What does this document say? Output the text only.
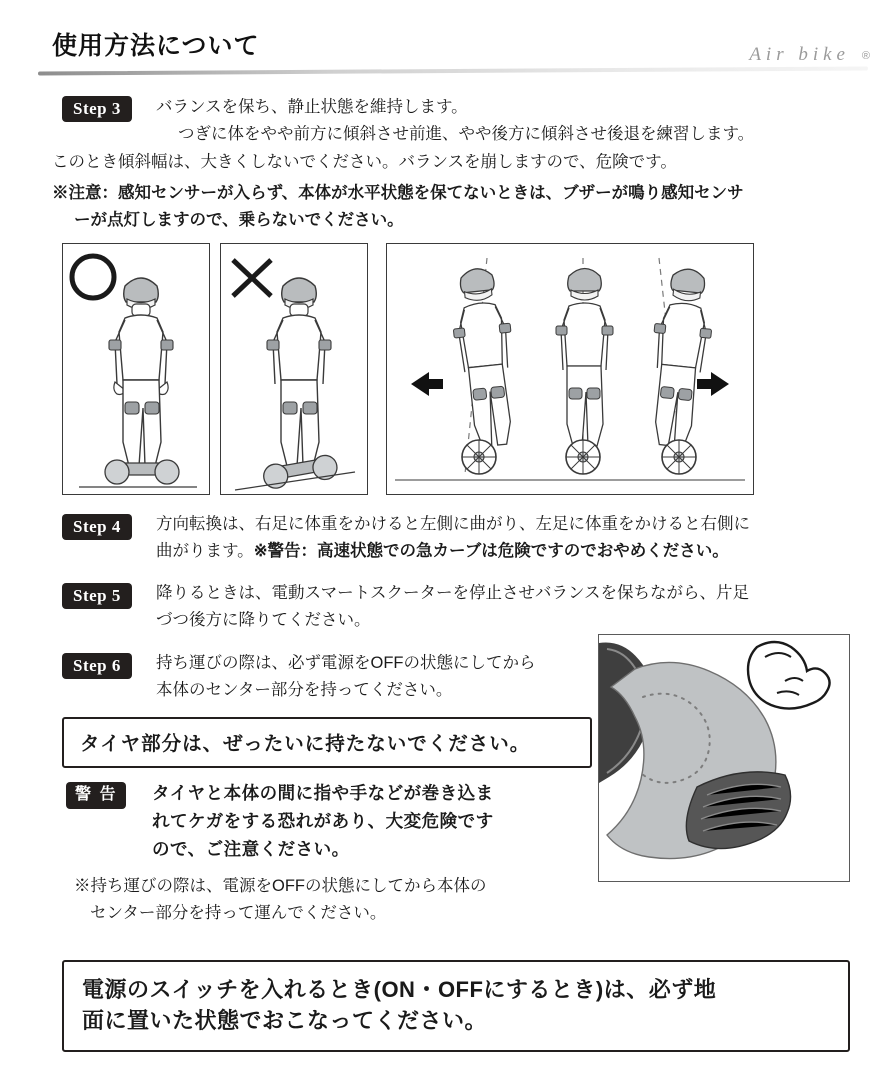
使用方法について	Air bike ®
Step 3	バランスを保ち、静止状態を維持します。
つぎに体をやや前方に傾斜させ前進、やや後方に傾斜させ後退を練習します。
このとき傾斜幅は、大きくしないでください。バランスを崩しますので、危険です。
※注意：感知センサーが入らず、本体が水平状態を保てないときは、ブザーが鳴り感知センサ
ーが点灯しますので、乗らないでください。
Step 4	方向転換は、右足に体重をかけると左側に曲がり、左足に体重をかけると右側に
曲がります。※警告：高速状態での急カーブは危険ですのでおやめください。
Step 5	降りるときは、電動スマートスクーターを停止させバランスを保ちながら、片足
づつ後方に降りてください。
Step 6	持ち運びの際は、必ず電源をOFFの状態にしてから
本体のセンター部分を持ってください。
タイヤ部分は、ぜったいに持たないでください。
警 告	タイヤと本体の間に指や手などが巻き込ま
れてケガをする恐れがあり、大変危険です
ので、ご注意ください。
※持ち運びの際は、電源をOFFの状態にしてから本体の
センター部分を持って運んでください。
電源のスイッチを入れるとき(ON・OFFにするとき)は、必ず地
面に置いた状態でおこなってください。
